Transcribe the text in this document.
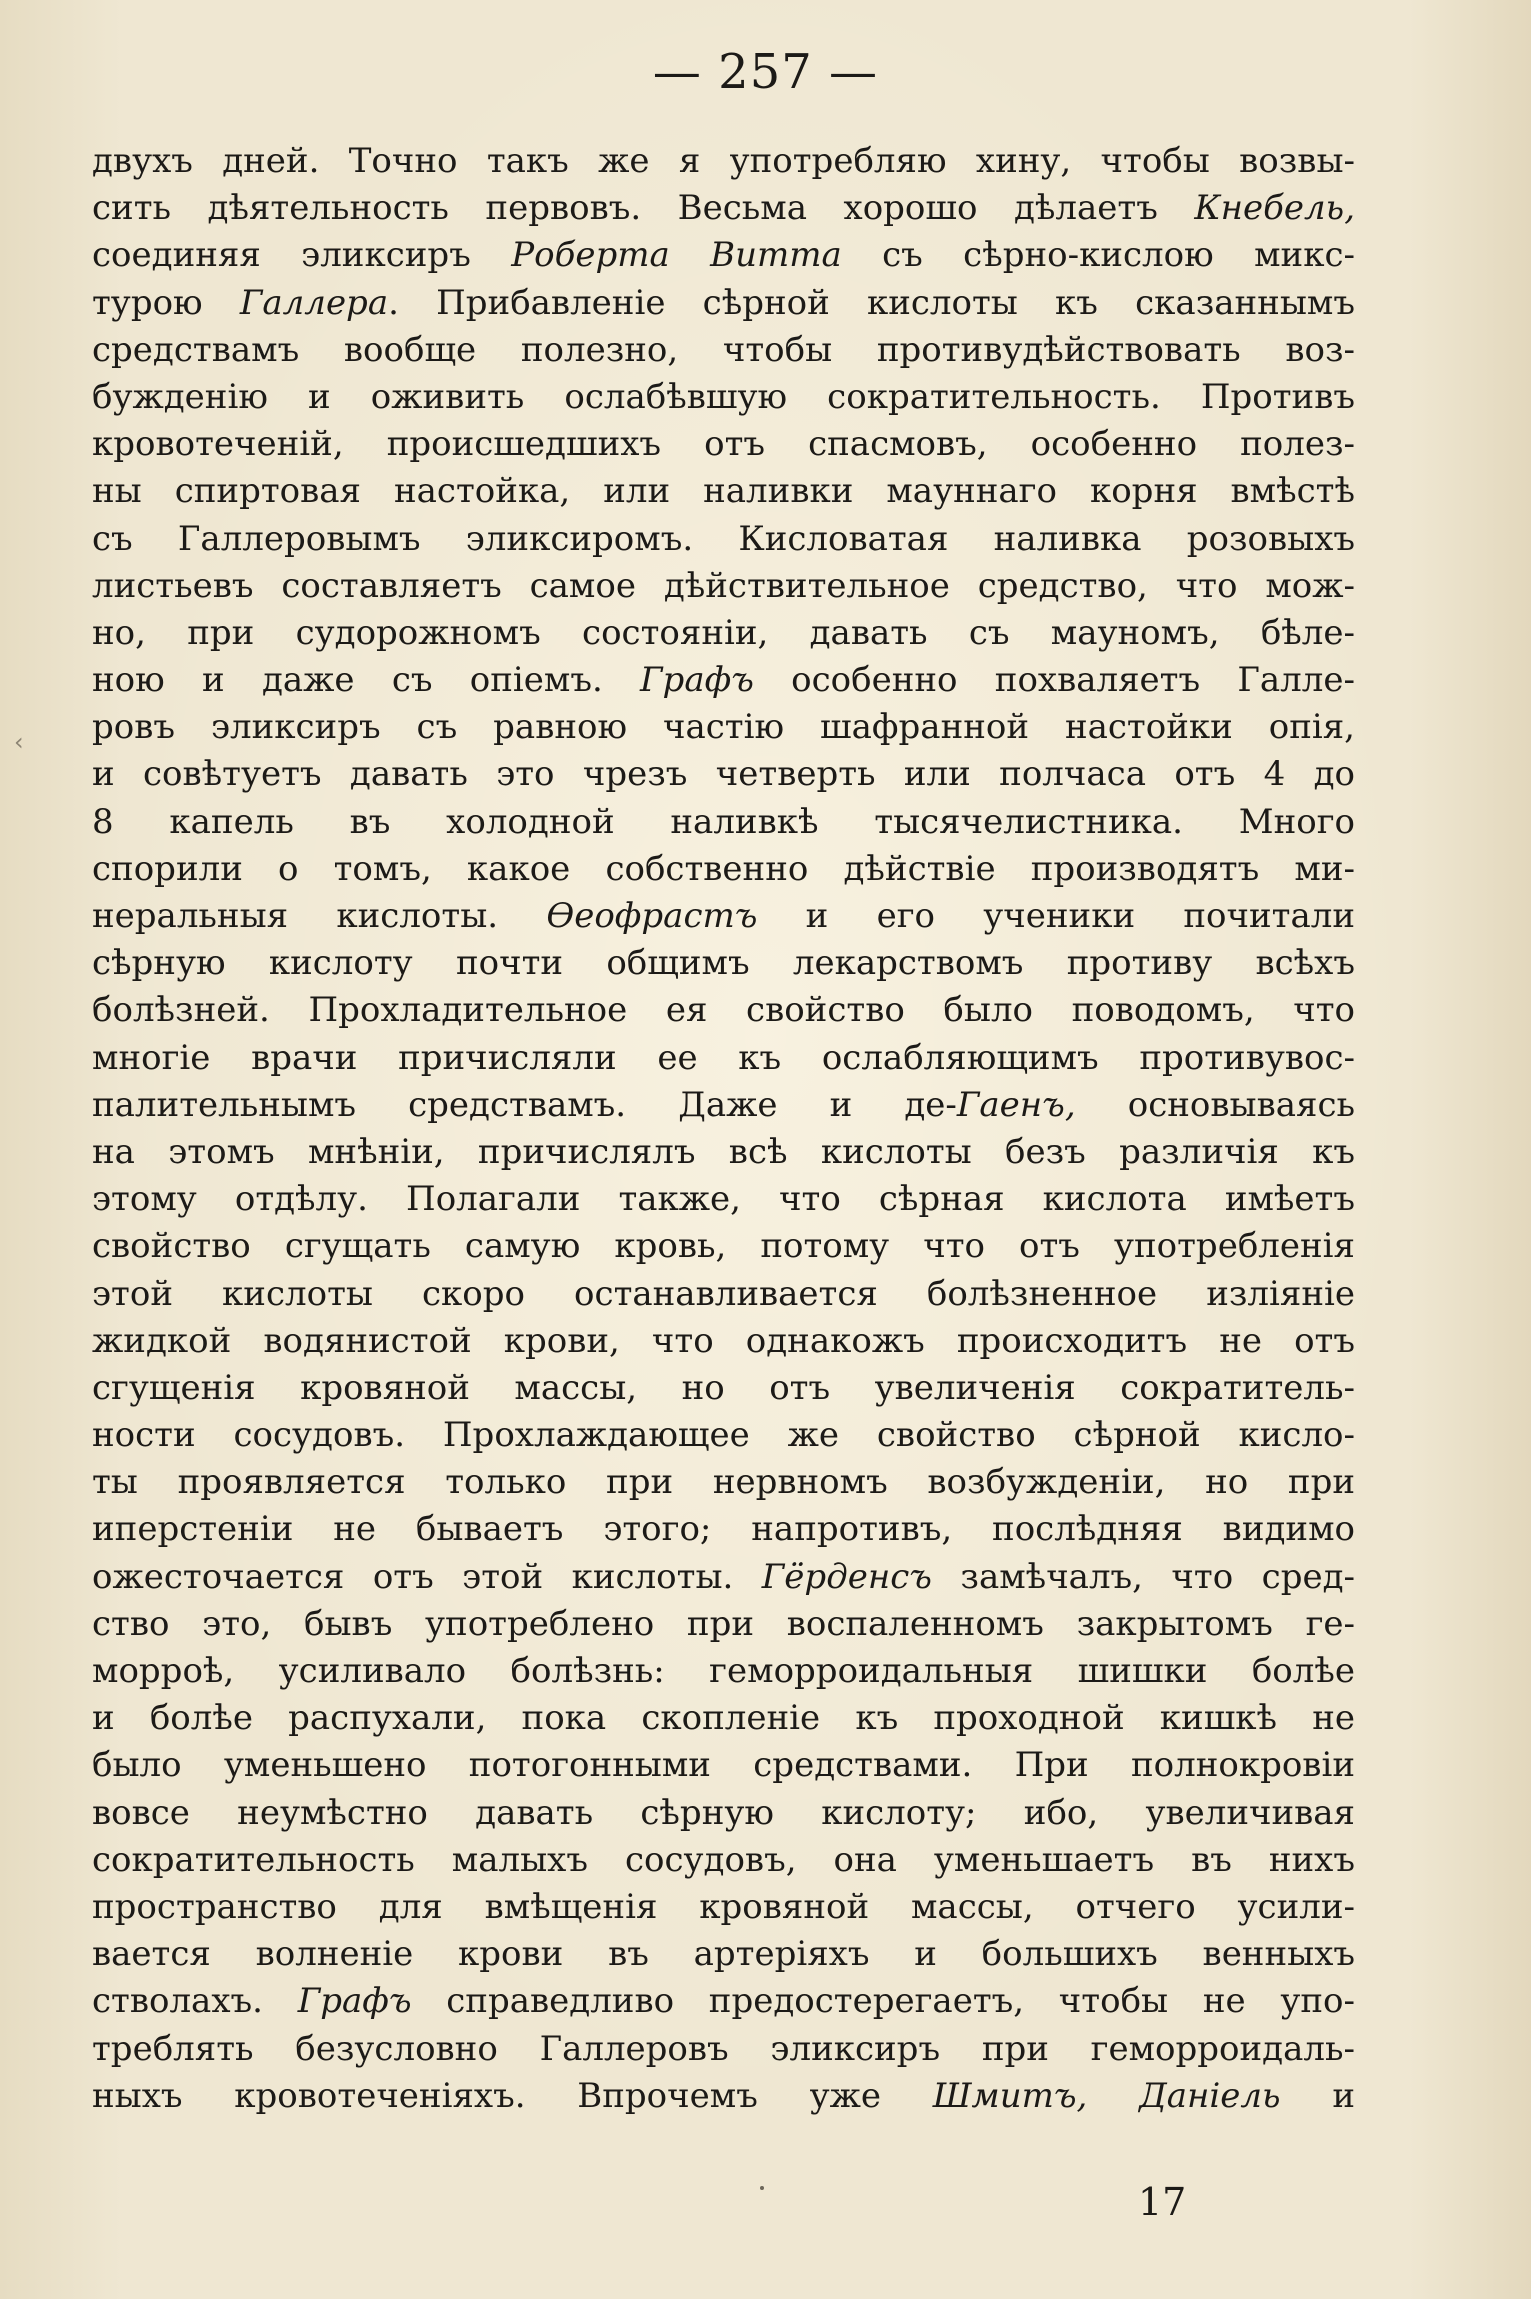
— 257 —
‹
двухъ дней. Точно такъ же я употребляю хину, чтобы возвы-
сить дѣятельность первовъ. Весьма хорошо дѣлаетъ Кнебель,
соединяя эликсиръ Роберта Витта съ сѣрно-кислою микс-
турою Галлера. Прибавленіе сѣрной кислоты къ сказаннымъ
средствамъ вообще полезно, чтобы противудѣйствовать воз-
бужденію и оживить ослабѣвшую сократительность. Противъ
кровотеченій, происшедшихъ отъ спасмовъ, особенно полез-
ны спиртовая настойка, или наливки мауннаго корня вмѣстѣ
съ Галлеровымъ эликсиромъ. Кисловатая наливка розовыхъ
листьевъ составляетъ самое дѣйствительное средство, что мож-
но, при судорожномъ состояніи, давать съ мауномъ, бѣле-
ною и даже съ опіемъ. Графъ особенно похваляетъ Галле-
ровъ эликсиръ съ равною частію шафранной настойки опія,
и совѣтуетъ давать это чрезъ четверть или полчаса отъ 4 до
8 капель въ холодной наливкѣ тысячелистника. Много
спорили о томъ, какое собственно дѣйствіе производятъ ми-
неральныя кислоты. Ѳеофрастъ и его ученики почитали
сѣрную кислоту почти общимъ лекарствомъ противу всѣхъ
болѣзней. Прохладительное ея свойство было поводомъ, что
многіе врачи причисляли ее къ ослабляющимъ противувос-
палительнымъ средствамъ. Даже и де-Гаенъ, основываясь
на этомъ мнѣніи, причислялъ всѣ кислоты безъ различія къ
этому отдѣлу. Полагали также, что сѣрная кислота имѣетъ
свойство сгущать самую кровь, потому что отъ употребленія
этой кислоты скоро останавливается болѣзненное изліяніе
жидкой водянистой крови, что однакожъ происходитъ не отъ
сгущенія кровяной массы, но отъ увеличенія сократитель-
ности сосудовъ. Прохлаждающее же свойство сѣрной кисло-
ты проявляется только при нервномъ возбужденіи, но при
иперстеніи не бываетъ этого; напротивъ, послѣдняя видимо
ожесточается отъ этой кислоты. Гёрденсъ замѣчалъ, что сред-
ство это, бывъ употреблено при воспаленномъ закрытомъ ге-
морроѣ, усиливало болѣзнь: геморроидальныя шишки болѣе
и болѣе распухали, пока скопленіе къ проходной кишкѣ не
было уменьшено потогонными средствами. При полнокровіи
вовсе неумѣстно давать сѣрную кислоту; ибо, увеличивая
сократительность малыхъ сосудовъ, она уменьшаетъ въ нихъ
пространство для вмѣщенія кровяной массы, отчего усили-
вается волненіе крови въ артеріяхъ и большихъ венныхъ
стволахъ. Графъ справедливо предостерегаетъ, чтобы не упо-
треблять безусловно Галлеровъ эликсиръ при геморроидаль-
ныхъ кровотеченіяхъ. Впрочемъ уже Шмитъ, Даніель и
17
